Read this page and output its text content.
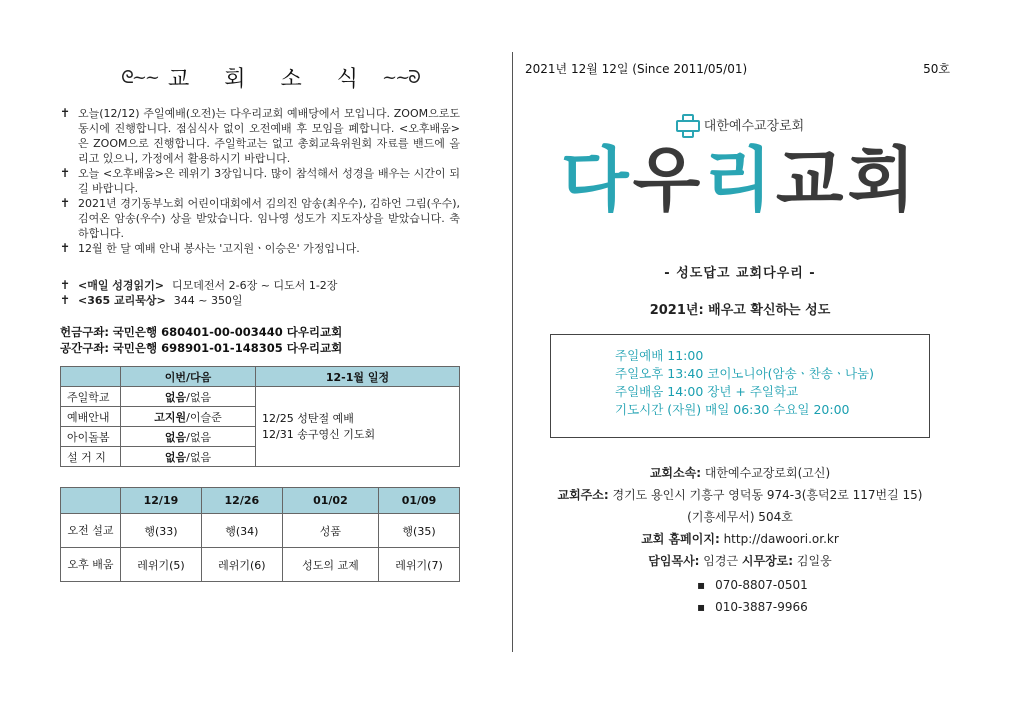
ᘓ~~ 교 회 소 식 ~~ᘐ
✝ 오늘(12/12) 주일예배(오전)는 다우리교회 예배당에서 모입니다. ZOOM으로도 동시에 진행합니다. 점심식사 없이 오전예배 후 모임을 폐합니다. <오후배움>은 ZOOM으로 진행합니다. 주일학교는 없고 총회교육위원회 자료를 밴드에 올리고 있으니, 가정에서 활용하시기 바랍니다.
✝ 오늘 <오후배움>은 레위기 3장입니다. 많이 참석해서 성경을 배우는 시간이 되길 바랍니다.
✝ 2021년 경기동부노회 어린이대회에서 김의진 암송(최우수), 김하언 그림(우수), 김여온 암송(우수) 상을 받았습니다. 임나영 성도가 지도자상을 받았습니다. 축하합니다.
✝ 12월 한 달 예배 안내 봉사는 '고지원ㆍ이승은' 가정입니다.
✝ <매일 성경읽기> 디모데전서 2-6장 ~ 디도서 1-2장
✝ <365 교리묵상> 344 ~ 350일
헌금구좌: 국민은행 680401-00-003440 다우리교회
공간구좌: 국민은행 698901-01-148305 다우리교회
	이번/다음	12-1월 일정
주일학교	없음/없음	12/25 성탄절 예배
12/31 송구영신 기도회

예배안내	고지원/이슬준	
아이돌봄	없음/없음	
설 거 지	없음/없음	
	12/19	12/26	01/02	01/09
오전 설교	행(33)	행(34)	성품	행(35)
오후 배움	레위기(5)	레위기(6)	성도의 교제	레위기(7)
2021년 12월 12일 (Since 2011/05/01)	50호
대한예수교장로회
다 우 리 교 회
- 성도답고 교회다우리 -
2021년: 배우고 확신하는 성도
주일예배 11:00
주일오후 13:40 코이노니아(암송ㆍ찬송ㆍ나눔)
주일배움 14:00 장년 + 주일학교
기도시간 (자원) 매일 06:30 수요일 20:00
교회소속: 대한예수교장로회(고신)
교회주소: 경기도 용인시 기흥구 영덕동 974-3(흥덕2로 117번길 15)
(기흥세무서) 504호
교회 홈페이지: http://dawoori.or.kr
담임목사: 임경근 시무장로: 김일웅
▪ 070-8807-0501
▪ 010-3887-9966
